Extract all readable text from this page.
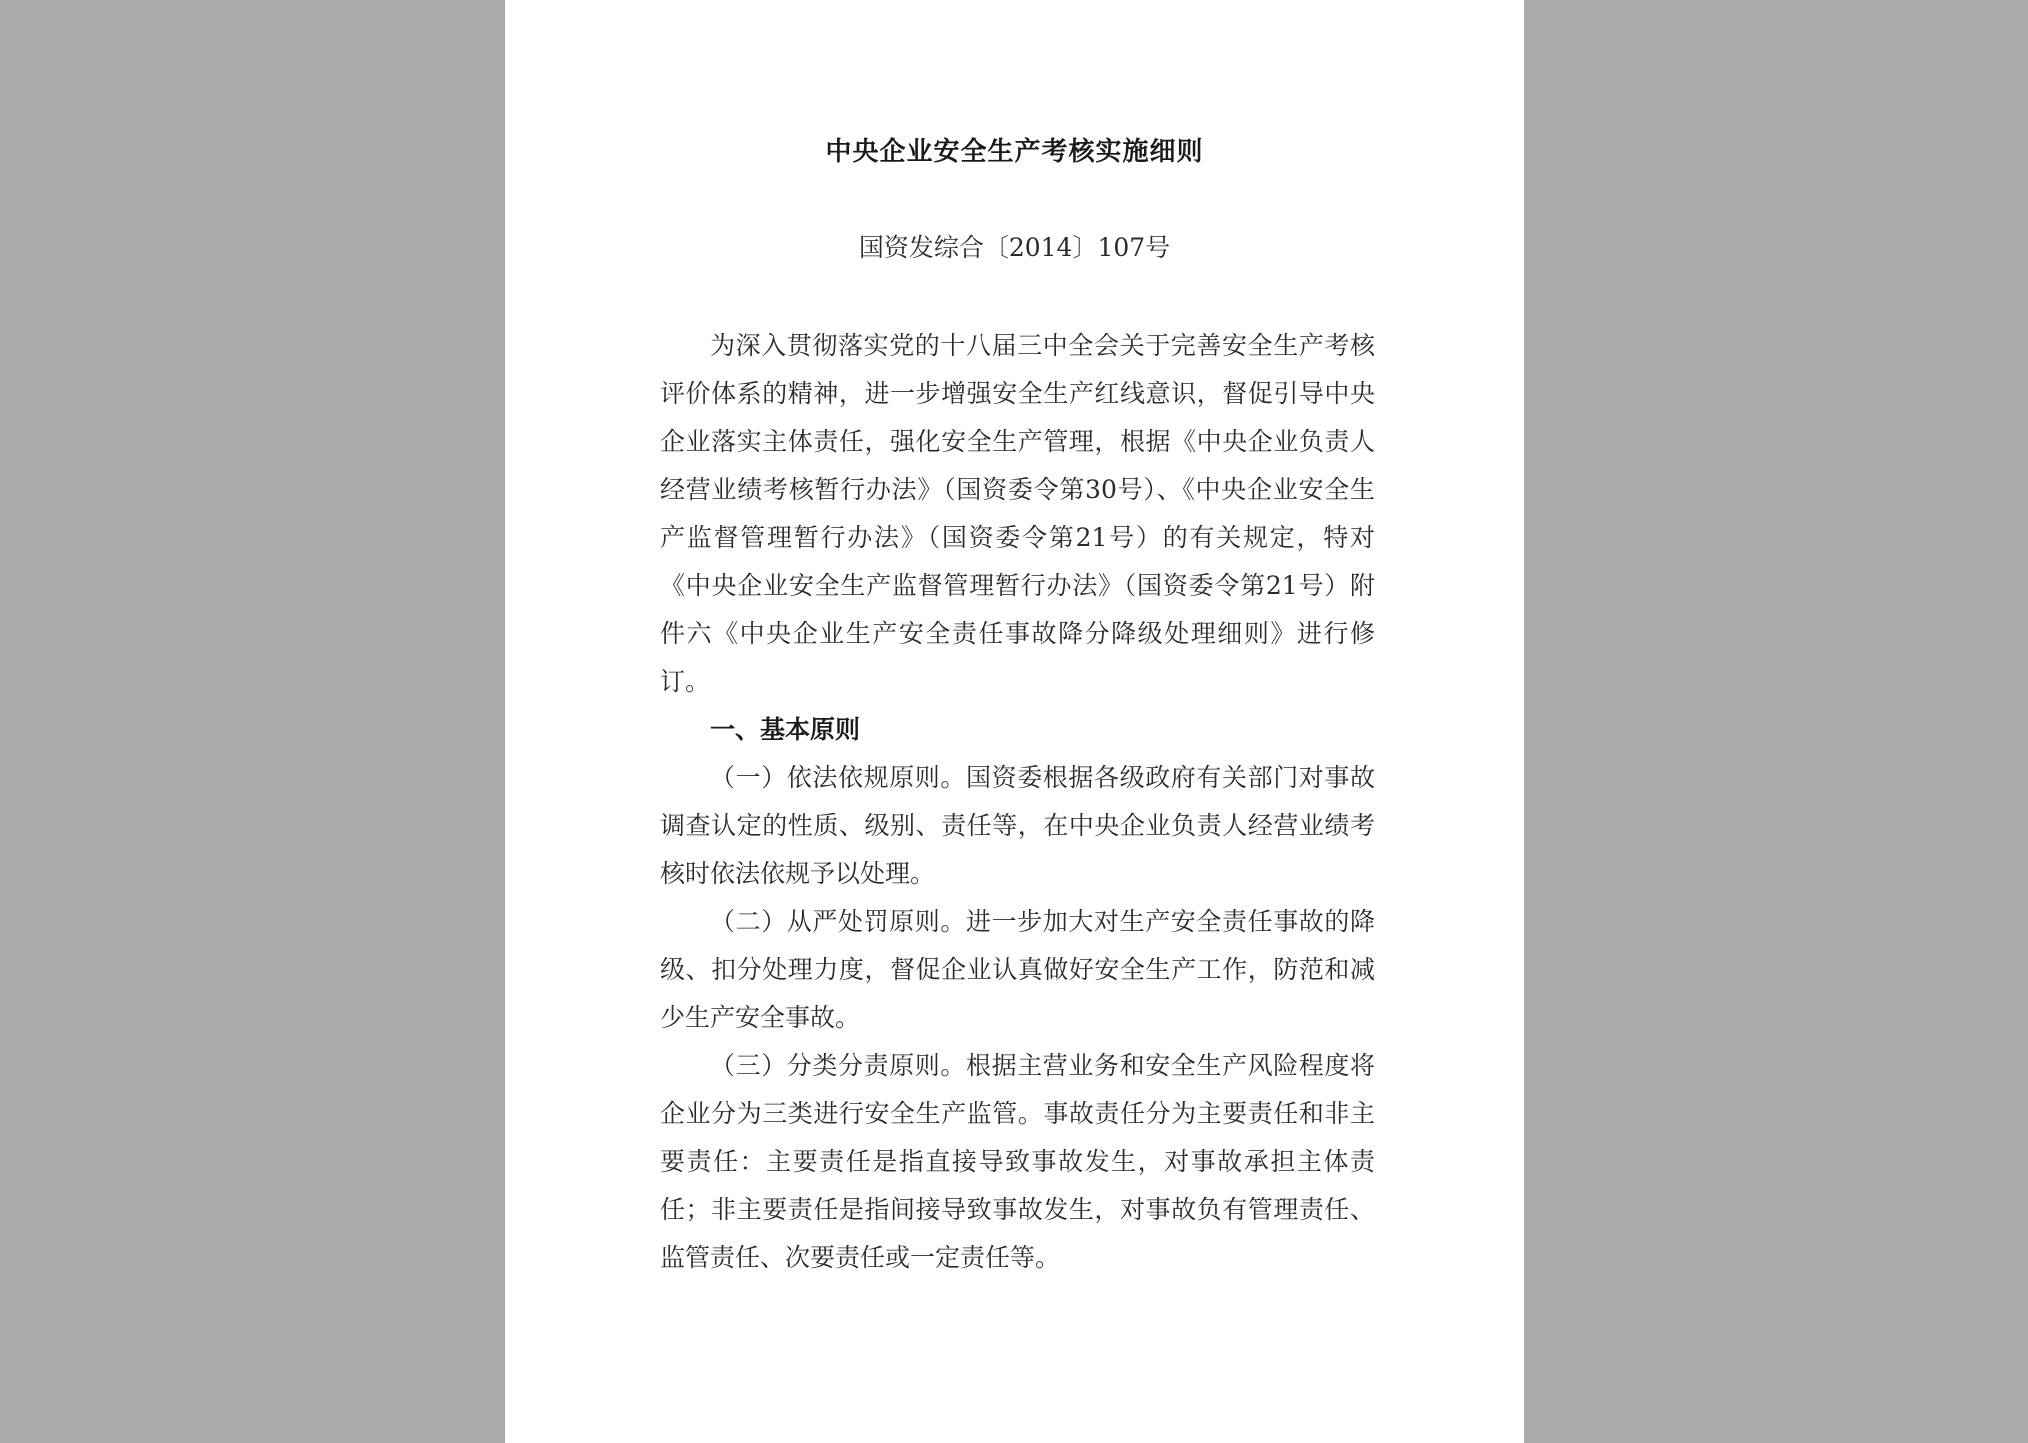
中央企业安全生产考核实施细则
国资发综合〔2014〕107号

为深入贯彻落实党的十八届三中全会关于完善安全生产考核评价体系的精神，进一步增强安全生产红线意识，督促引导中央企业落实主体责任，强化安全生产管理，根据《中央企业负责人经营业绩考核暂行办法》（国资委令第30号）、《中央企业安全生产监督管理暂行办法》（国资委令第21号）的有关规定，特对《中央企业安全生产监督管理暂行办法》（国资委令第21号）附件六《中央企业生产安全责任事故降分降级处理细则》进行修订。

一、基本原则

（一）依法依规原则。国资委根据各级政府有关部门对事故调查认定的性质、级别、责任等，在中央企业负责人经营业绩考核时依法依规予以处理。

（二）从严处罚原则。进一步加大对生产安全责任事故的降级、扣分处理力度，督促企业认真做好安全生产工作，防范和减少生产安全事故。

（三）分类分责原则。根据主营业务和安全生产风险程度将企业分为三类进行安全生产监管。事故责任分为主要责任和非主要责任：主要责任是指直接导致事故发生，对事故承担主体责任；非主要责任是指间接导致事故发生，对事故负有管理责任、监管责任、次要责任或一定责任等。
